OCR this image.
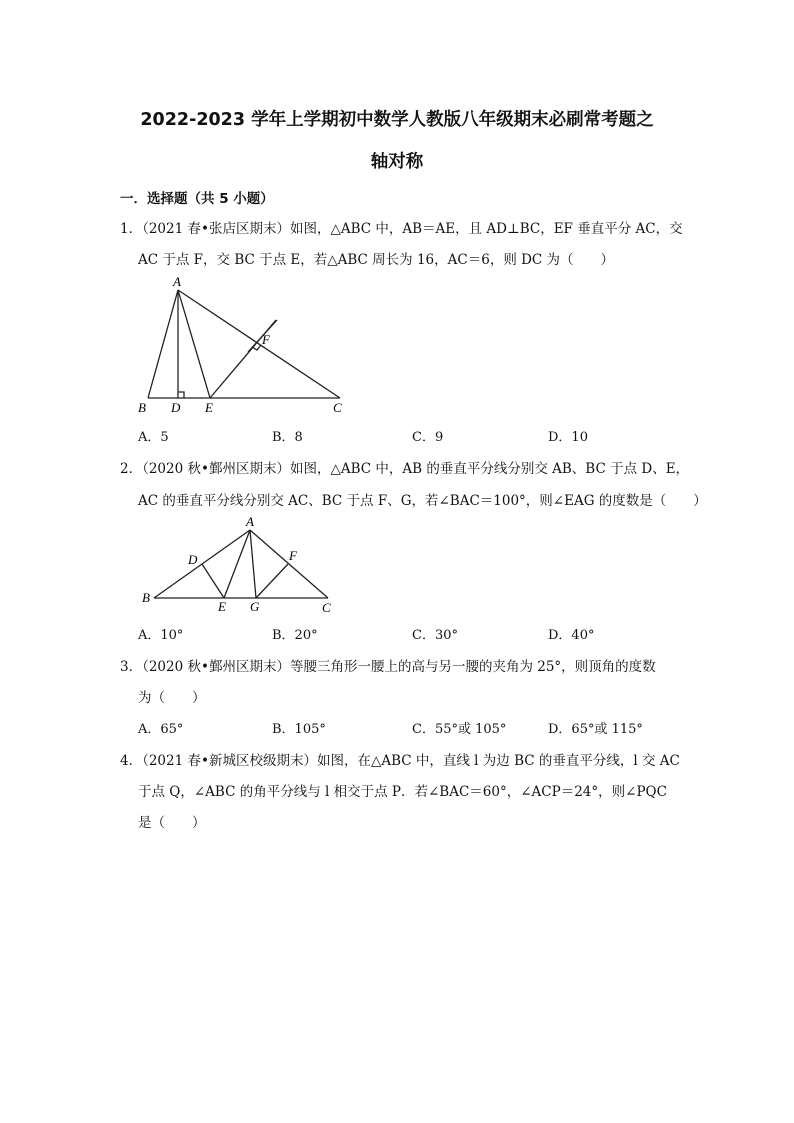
2022-2023 学年上学期初中数学人教版八年级期末必刷常考题之
轴对称
一．选择题（共 5 小题）
1．（2021 春•张店区期末）如图，△ABC 中，AB＝AE，且 AD⊥BC，EF 垂直平分 AC，交
AC 于点 F，交 BC 于点 E，若△ABC 周长为 16，AC＝6，则 DC 为（　　）
A
F
B D E	C
A．5	B．8	C．9	D．10
2．（2020 秋•鄞州区期末）如图，△ABC 中，AB 的垂直平分线分别交 AB、BC 于点 D、E，
AC 的垂直平分线分别交 AC、BC 于点 F、G，若∠BAC＝100°，则∠EAG 的度数是（　　）
A
D	F
B
E G	C
A．10°	B．20°	C．30°	D．40°
3．（2020 秋•鄞州区期末）等腰三角形一腰上的高与另一腰的夹角为 25°，则顶角的度数
为（　　）
A．65°	B．105°	C．55°或 105°	D．65°或 115°
4．（2021 春•新城区校级期末）如图，在△ABC 中，直线 l 为边 BC 的垂直平分线，l 交 AC
于点 Q，∠ABC 的角平分线与 l 相交于点 P．若∠BAC＝60°，∠ACP＝24°，则∠PQC
是（　　）
